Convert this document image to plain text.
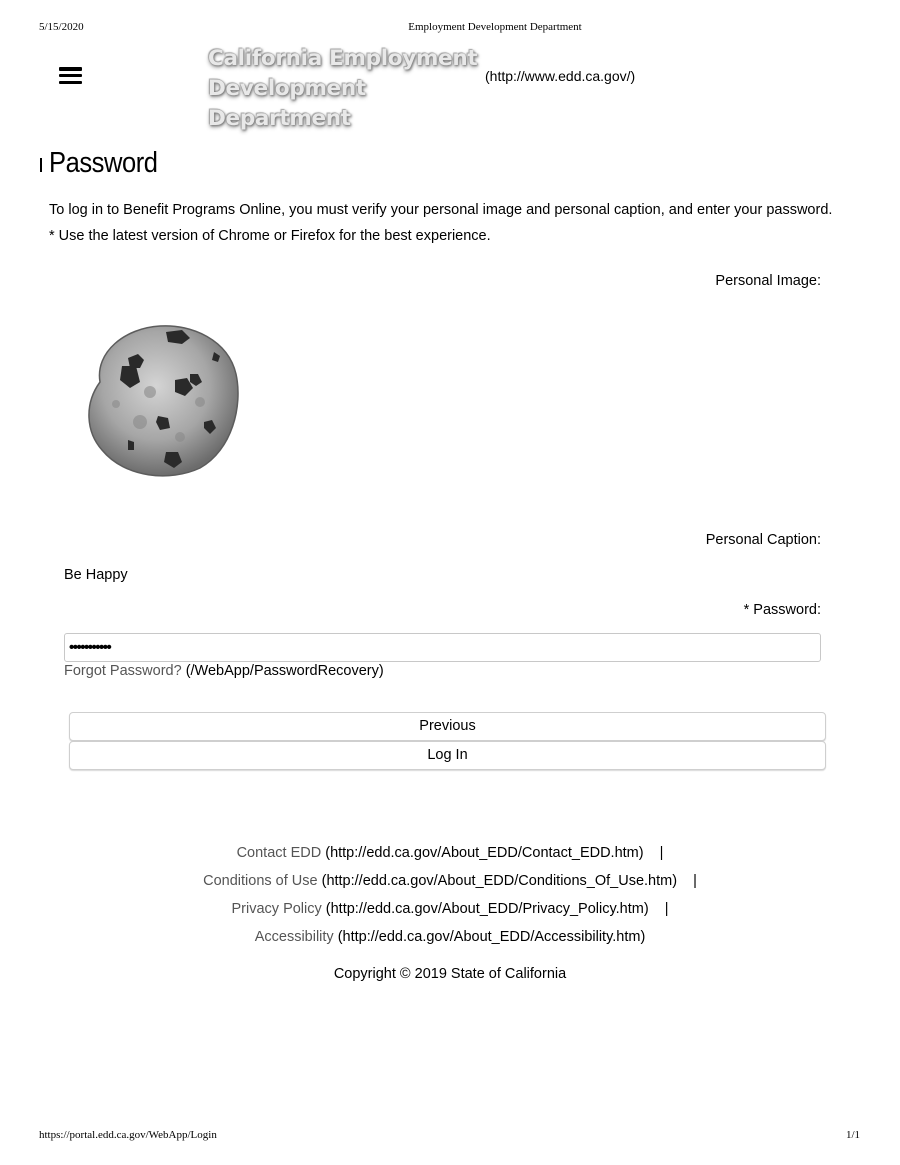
5/15/2020	Employment Development Department
California Employment
Development Department
(http://www.edd.ca.gov/)
Password
To log in to Benefit Programs Online, you must verify your personal image and personal caption, and enter your password.
* Use the latest version of Chrome or Firefox for the best experience.
Personal Image:
Personal Caption:
Be Happy
* Password:
•••••••••••
Forgot Password? (/WebApp/PasswordRecovery)
Previous
Log In
Contact EDD (http://edd.ca.gov/About_EDD/Contact_EDD.htm) |
Conditions of Use (http://edd.ca.gov/About_EDD/Conditions_Of_Use.htm) |
Privacy Policy (http://edd.ca.gov/About_EDD/Privacy_Policy.htm) |
Accessibility (http://edd.ca.gov/About_EDD/Accessibility.htm)
Copyright © 2019 State of California
https://portal.edd.ca.gov/WebApp/Login	1/1
